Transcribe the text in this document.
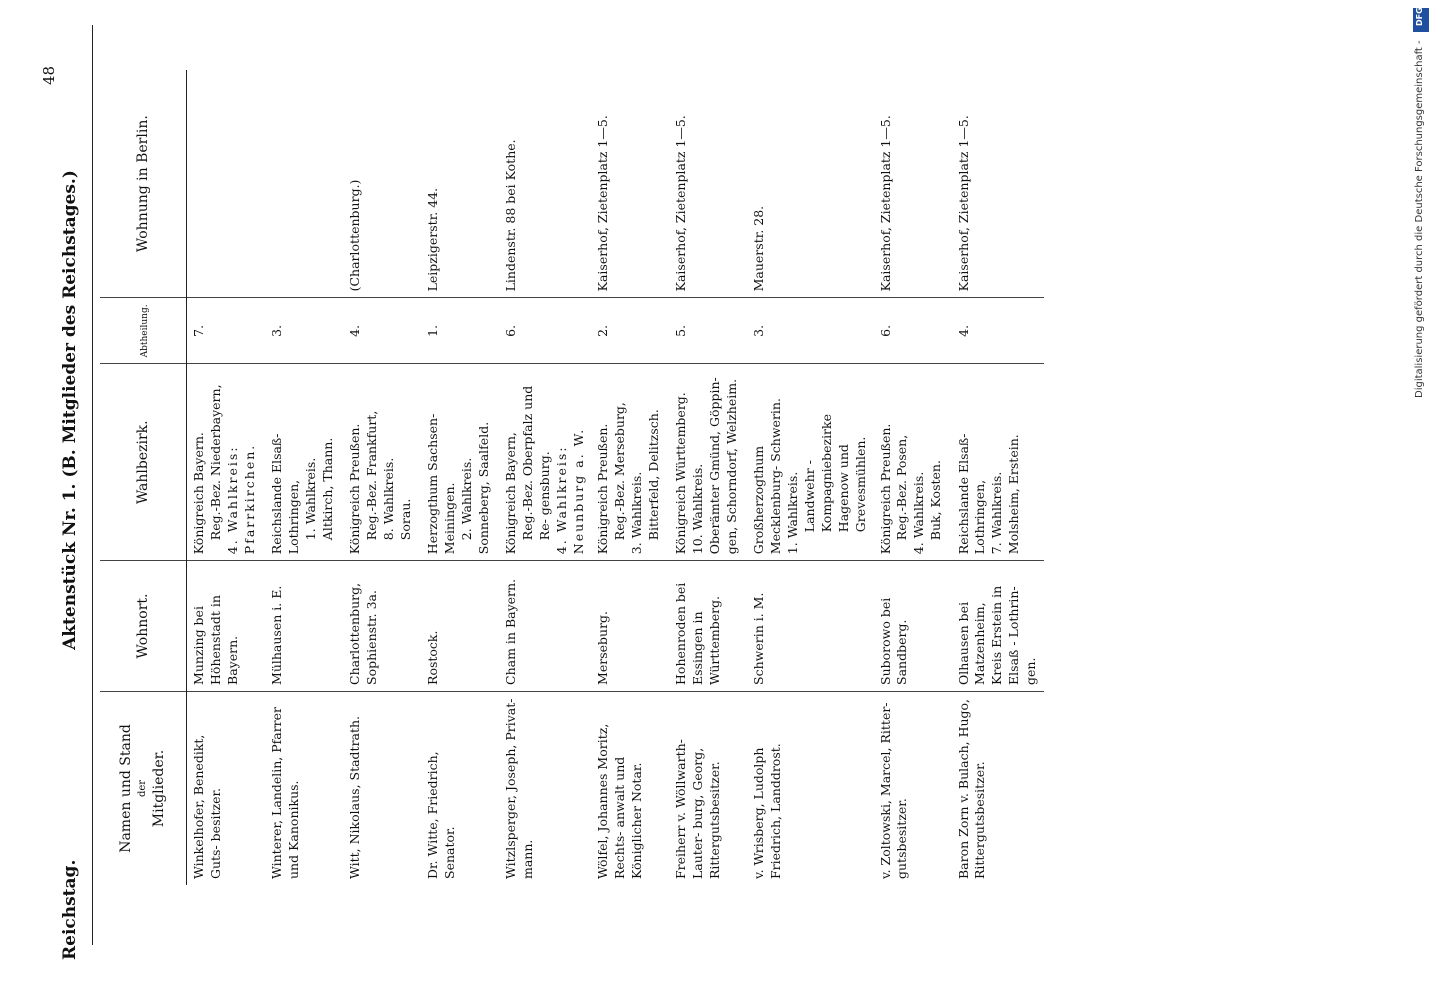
Reichstag.
Aktenstück Nr. 1. (B. Mitglieder des Reichstages.)
48
Namen und Stand der Mitglieder.	Wohnort.	Wahlbezirk.	Abtheilung.	Wohnung in Berlin.
Winkelhofer, Benedikt, Guts- besitzer.	Munzing bei Höhenstadt in Bayern.	Königreich Bayern. Reg.-Bez. Niederbayern, 4. Wahlkreis: Pfarrkirchen.	7.	
Winterer, Landelin, Pfarrer und Kanonikus.	Mülhausen i. E.	Reichslande Elsaß-Lothringen, 1. Wahlkreis. Altkirch, Thann.	3.	
Witt, Nikolaus, Stadtrath.	Charlottenburg, Sophienstr. 3a.	Königreich Preußen. Reg.-Bez. Frankfurt, 8. Wahlkreis. Sorau.	4.	(Charlottenburg.)
Dr. Witte, Friedrich, Senator.	Rostock.	Herzogthum Sachsen-Meiningen. 2. Wahlkreis. Sonneberg, Saalfeld.	1.	Leipzigerstr. 44.
Witzlsperger, Joseph, Privat- mann.	Cham in Bayern.	Königreich Bayern, Reg.-Bez. Oberpfalz und Re- gensburg. 4. Wahlkreis: Neunburg a. W.	6.	Lindenstr. 88 bei Kothe.
Wölfel, Johannes Moritz, Rechts- anwalt und Königlicher Notar.	Merseburg.	Königreich Preußen. Reg.-Bez. Merseburg, 3. Wahlkreis. Bitterfeld, Delitzsch.	2.	Kaiserhof, Zietenplatz 1—5.
Freiherr v. Wöllwarth-Lauter- burg, Georg, Rittergutsbesitzer.	Hohenroden bei Essingen in Württemberg.	Königreich Württemberg. 10. Wahlkreis. Oberämter Gmünd, Göppin- gen, Schorndorf, Welzheim.	5.	Kaiserhof, Zietenplatz 1—5.
v. Wrisberg, Ludolph Friedrich, Landdrost.	Schwerin i. M.	Großherzogthum Mecklenburg- Schwerin. 1. Wahlkreis. Landwehr - Kompagniebezirke Hagenow und Grevesmühlen.	3.	Mauerstr. 28.
v. Zoltowski, Marcel, Ritter- gutsbesitzer.	Suborowo bei Sandberg.	Königreich Preußen. Reg.-Bez. Posen, 4. Wahlkreis. Buk, Kosten.	6.	Kaiserhof, Zietenplatz 1—5.
Baron Zorn v. Bulach, Hugo, Rittergutsbesitzer.	Olhausen bei Matzenheim, Kreis Erstein in Elsaß - Lothrin- gen.	Reichslande Elsaß-Lothringen, 7. Wahlkreis. Molsheim, Erstein.	4.	Kaiserhof, Zietenplatz 1—5.
DFG
Digitalisierung gefördert durch die Deutsche Forschungsgemeinschaft -
